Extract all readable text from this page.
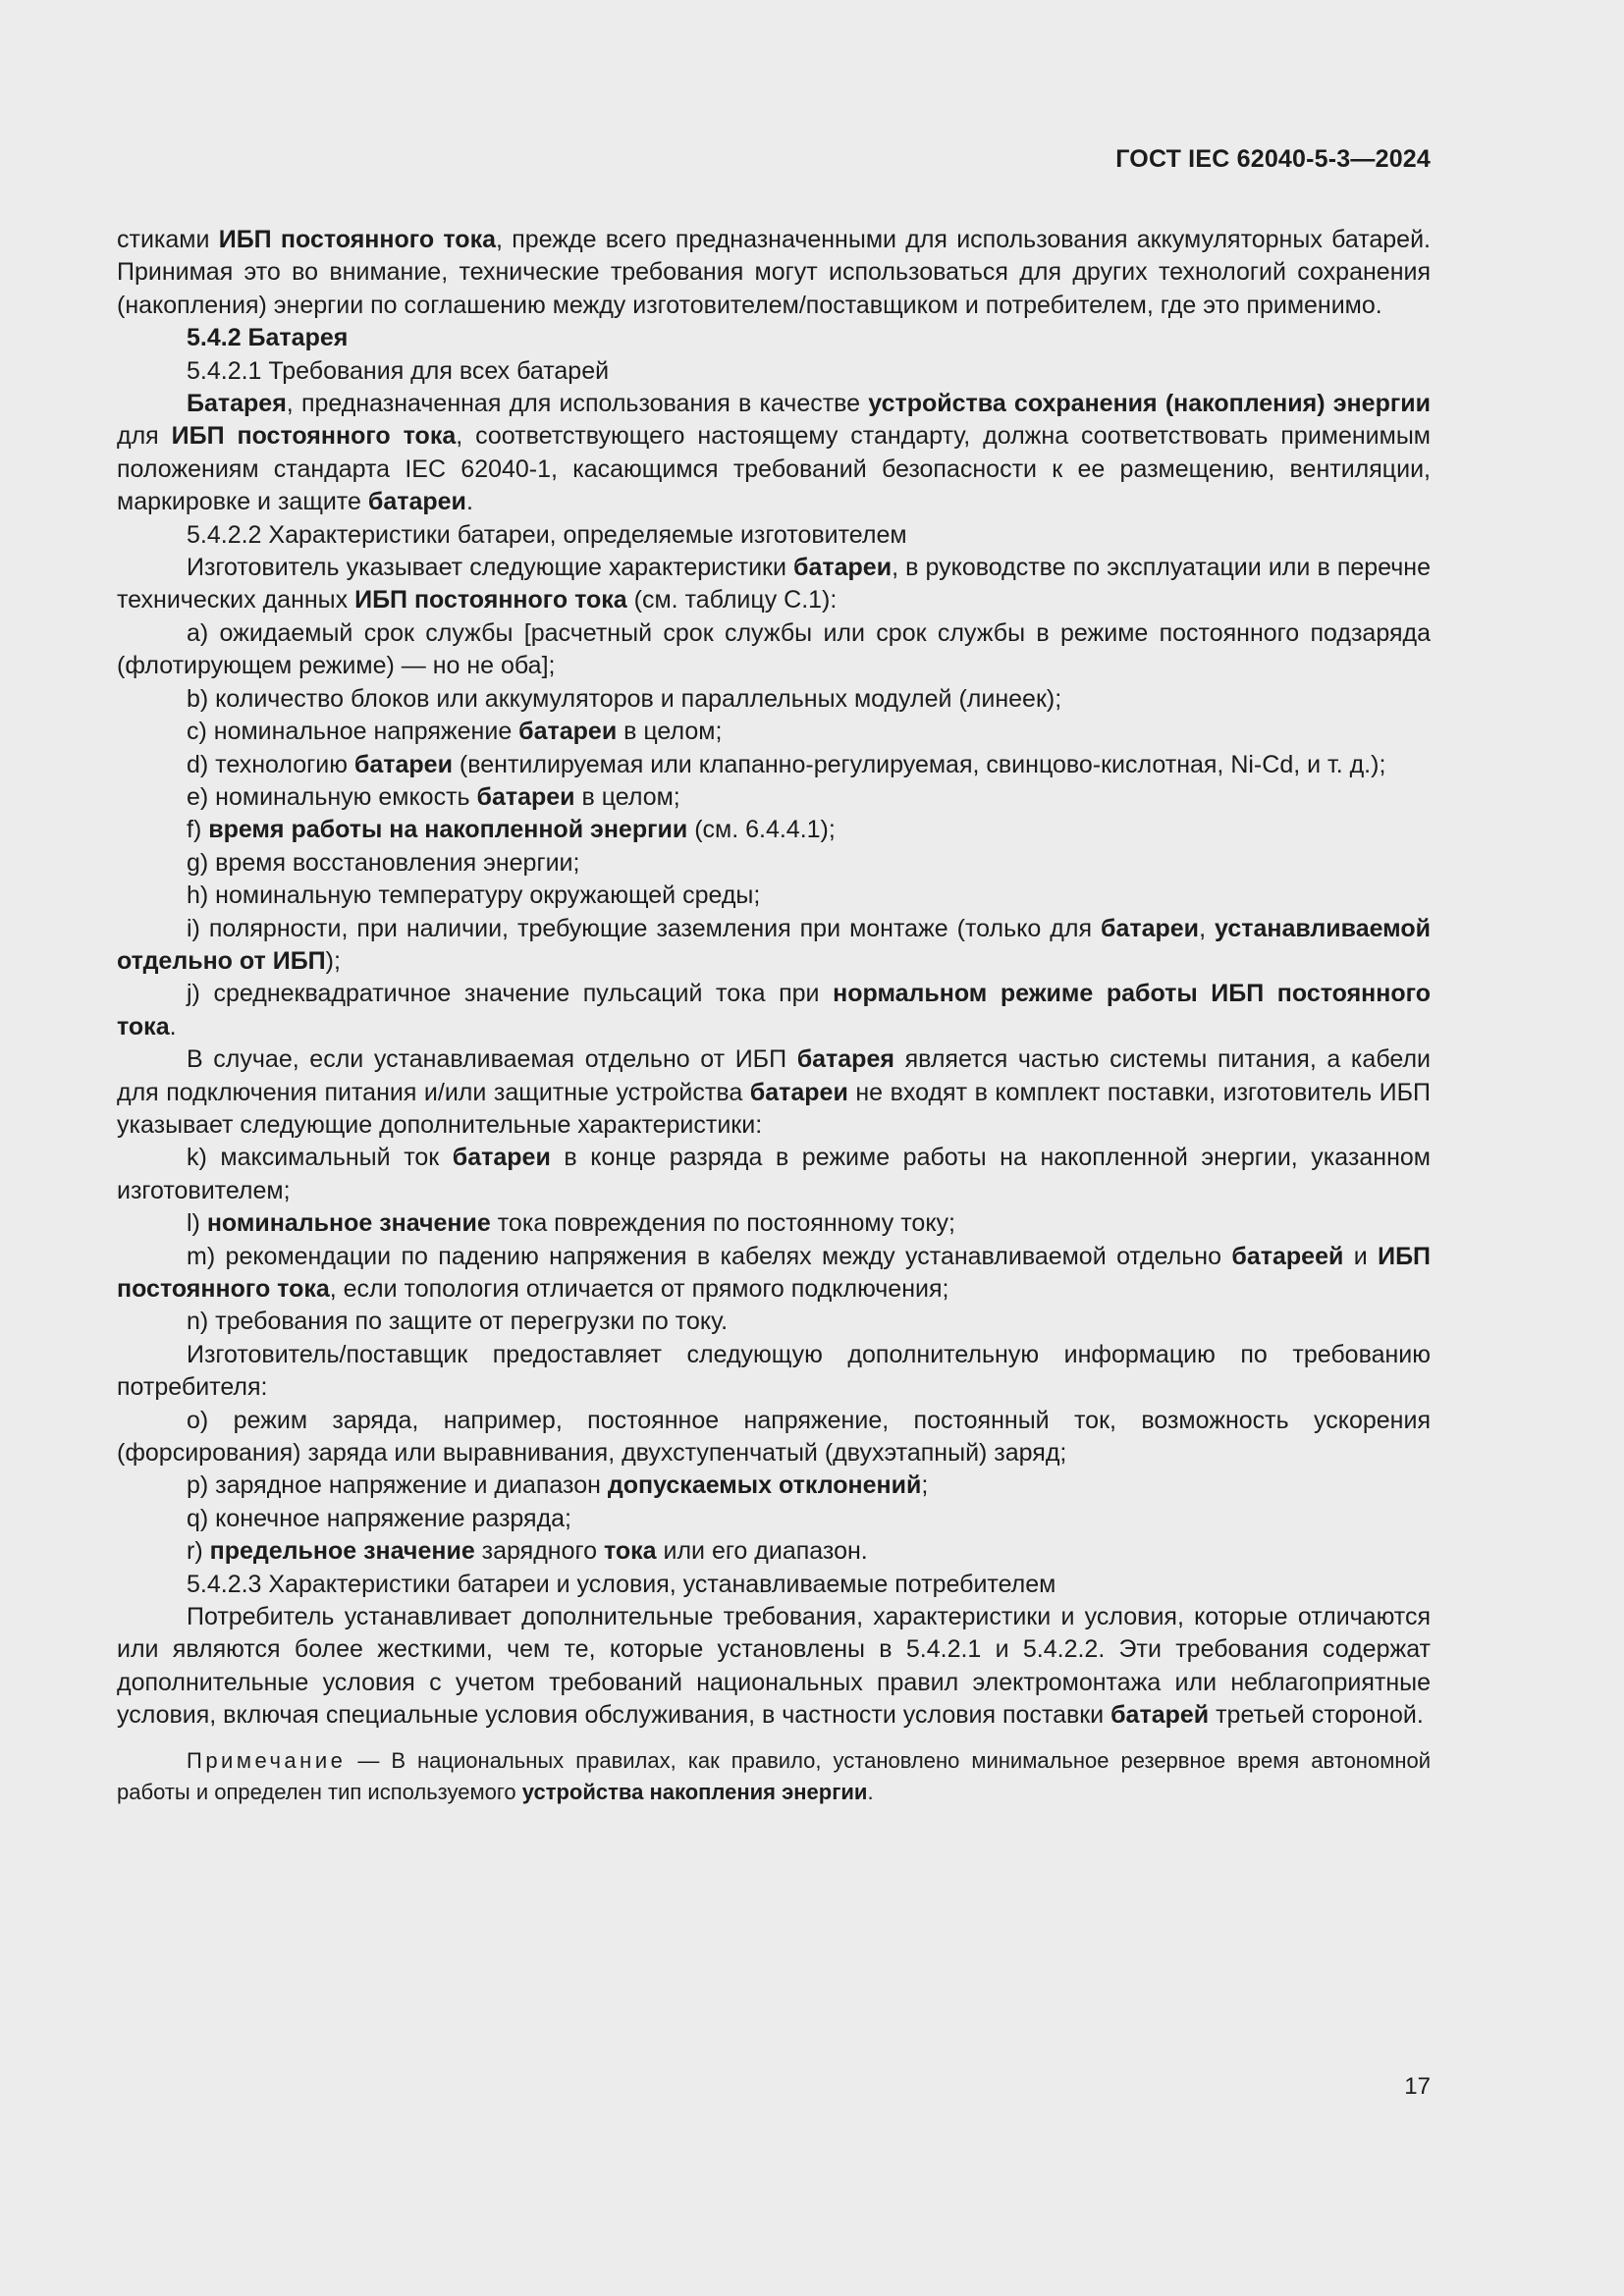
ГОСТ IEC 62040-5-3—2024

стиками ИБП постоянного тока, прежде всего предназначенными для использования аккумуляторных батарей. Принимая это во внимание, технические требования могут использоваться для других технологий сохранения (накопления) энергии по соглашению между изготовителем/поставщиком и потребителем, где это применимо.

5.4.2 Батарея

5.4.2.1 Требования для всех батарей

Батарея, предназначенная для использования в качестве устройства сохранения (накопления) энергии для ИБП постоянного тока, соответствующего настоящему стандарту, должна соответствовать применимым положениям стандарта IEC 62040-1, касающимся требований безопасности к ее размещению, вентиляции, маркировке и защите батареи.

5.4.2.2 Характеристики батареи, определяемые изготовителем

Изготовитель указывает следующие характеристики батареи, в руководстве по эксплуатации или в перечне технических данных ИБП постоянного тока (см. таблицу С.1):

a) ожидаемый срок службы [расчетный срок службы или срок службы в режиме постоянного подзаряда (флотирующем режиме) — но не оба];

b) количество блоков или аккумуляторов и параллельных модулей (линеек);

c) номинальное напряжение батареи в целом;

d) технологию батареи (вентилируемая или клапанно-регулируемая, свинцово-кислотная, Ni-Cd, и т. д.);

e) номинальную емкость батареи в целом;

f) время работы на накопленной энергии (см. 6.4.4.1);

g) время восстановления энергии;

h) номинальную температуру окружающей среды;

i) полярности, при наличии, требующие заземления при монтаже (только для батареи, устанавливаемой отдельно от ИБП);

j) среднеквадратичное значение пульсаций тока при нормальном режиме работы ИБП постоянного тока.

В случае, если устанавливаемая отдельно от ИБП батарея является частью системы питания, а кабели для подключения питания и/или защитные устройства батареи не входят в комплект поставки, изготовитель ИБП указывает следующие дополнительные характеристики:

k) максимальный ток батареи в конце разряда в режиме работы на накопленной энергии, указанном изготовителем;

l) номинальное значение тока повреждения по постоянному току;

m) рекомендации по падению напряжения в кабелях между устанавливаемой отдельно батареей и ИБП постоянного тока, если топология отличается от прямого подключения;

n) требования по защите от перегрузки по току.

Изготовитель/поставщик предоставляет следующую дополнительную информацию по требованию потребителя:

o) режим заряда, например, постоянное напряжение, постоянный ток, возможность ускорения (форсирования) заряда или выравнивания, двухступенчатый (двухэтапный) заряд;

p) зарядное напряжение и диапазон допускаемых отклонений;

q) конечное напряжение разряда;

r) предельное значение зарядного тока или его диапазон.

5.4.2.3 Характеристики батареи и условия, устанавливаемые потребителем

Потребитель устанавливает дополнительные требования, характеристики и условия, которые отличаются или являются более жесткими, чем те, которые установлены в 5.4.2.1 и 5.4.2.2. Эти требования содержат дополнительные условия с учетом требований национальных правил электромонтажа или неблагоприятные условия, включая специальные условия обслуживания, в частности условия поставки батарей третьей стороной.

Примечание — В национальных правилах, как правило, установлено минимальное резервное время автономной работы и определен тип используемого устройства накопления энергии.

17
